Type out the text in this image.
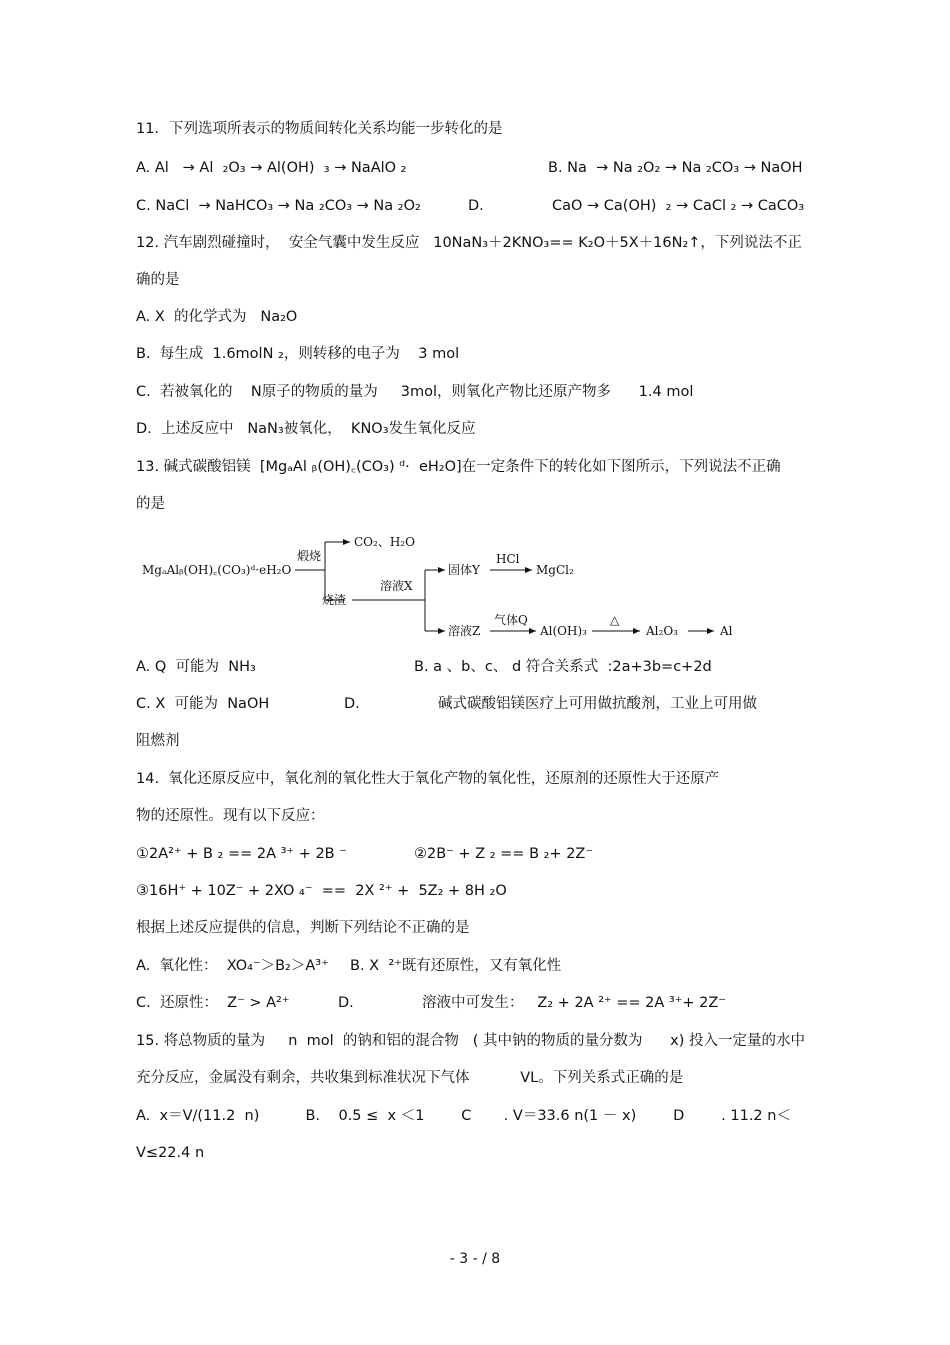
11．下列选项所表示的物质间转化关系均能一步转化的是
A. Al   → Al  ₂O₃ → Al(OH)  ₃ → NaAlO ₂	B. Na  → Na ₂O₂ → Na ₂CO₃ → NaOH
C. NaCl  → NaHCO₃ → Na ₂CO₃ → Na ₂O₂	D.	CaO → Ca(OH)  ₂ → CaCl ₂ → CaCO₃
12. 汽车剧烈碰撞时，  安全气囊中发生反应   10NaN₃＋2KNO₃== K₂O＋5X＋16N₂↑，下列说法不正
确的是
A. X  的化学式为   Na₂O
B.  每生成  1.6molN ₂，则转移的电子为    3 mol
C.  若被氧化的    N原子的物质的量为     3mol，则氧化产物比还原产物多      1.4 mol
D.  上述反应中   NaN₃被氧化，  KNO₃发生氧化反应
13. 碱式碳酸铝镁  [MgₐAl ᵦ(OH)꜀(CO₃) ᵈ·  eH₂O]在一定条件下的转化如下图所示，下列说法不正确
的是
MgₐAlᵦ(OH)꜀(CO₃)ᵈ·eH₂O
煅烧
CO₂、H₂O
烧渣
溶液X
固体Y
HCl
MgCl₂
溶液Z
气体Q
Al(OH)₃
△
Al₂O₃	Al
A. Q  可能为  NH₃	B. a 、b、c、 d 符合关系式  :2a+3b=c+2d
C. X  可能为  NaOH	D.	碱式碳酸铝镁医疗上可用做抗酸剂，工业上可用做
阻燃剂
14.  氧化还原反应中，氧化剂的氧化性大于氧化产物的氧化性，还原剂的还原性大于还原产
物的还原性。现有以下反应：
①2A²⁺ + B ₂ == 2A ³⁺ + 2B ⁻	②2B⁻ + Z ₂ == B ₂+ 2Z⁻
③16H⁺ + 10Z⁻ + 2XO ₄⁻  ==  2X ²⁺ +  5Z₂ + 8H ₂O
根据上述反应提供的信息，判断下列结论不正确的是
A.  氧化性：  XO₄⁻＞B₂＞A³⁺ B. X  ²⁺既有还原性，又有氧化性
C.  还原性：  Z⁻ > A²⁺	D.	溶液中可发生：   Z₂ + 2A ²⁺ == 2A ³⁺+ 2Z⁻
15. 将总物质的量为     n  mol  的钠和铝的混合物   ( 其中钠的物质的量分数为      x) 投入一定量的水中
充分反应，金属没有剩余，共收集到标准状况下气体           VL。下列关系式正确的是
A.  x＝V/(11.2  n)          B.    0.5 ≤  x ＜1        C       . V＝33.6 n(1 － x)        D        . 11.2 n＜
V≤22.4 n
- 3 - / 8
